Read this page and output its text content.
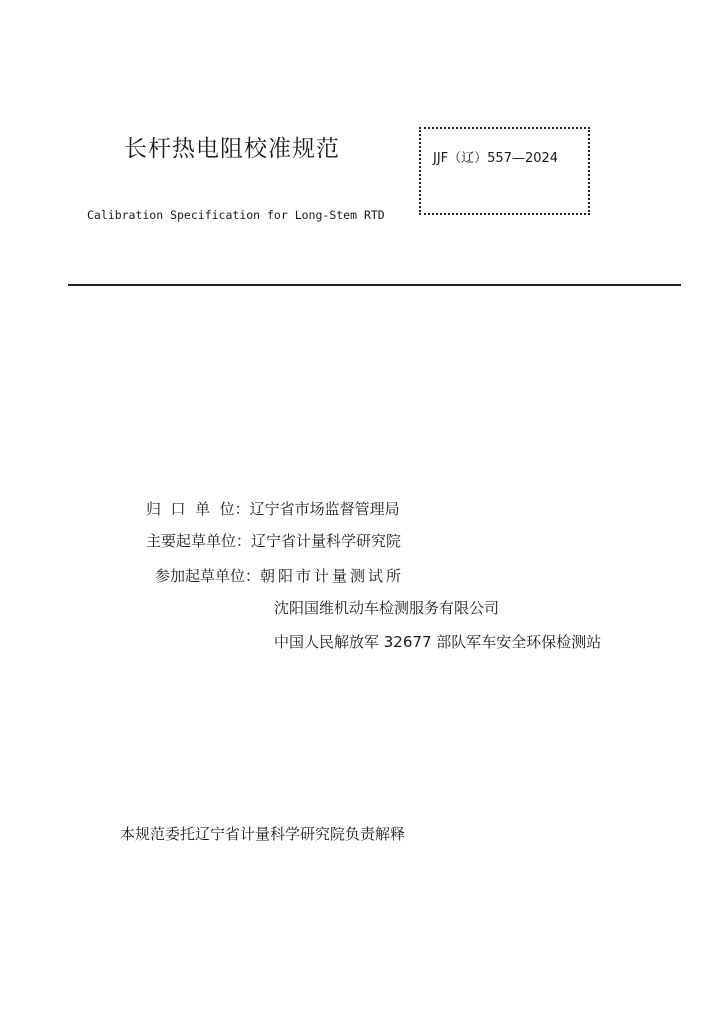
长杆热电阻校准规范	JJF（辽）557—2024
Calibration Specification for Long-Stem RTD
归  口  单  位：辽宁省市场监督管理局
主要起草单位：辽宁省计量科学研究院
参加起草单位：朝阳市计量测试所
沈阳国维机动车检测服务有限公司
中国人民解放军 32677 部队军车安全环保检测站
本规范委托辽宁省计量科学研究院负责解释
